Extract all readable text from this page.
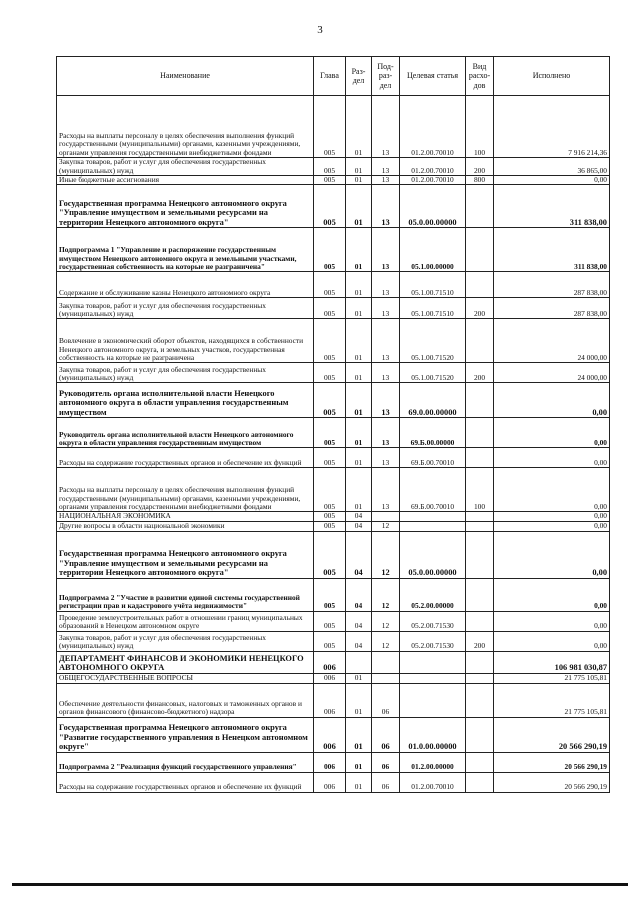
3
Наименование	Глава	Раз-дел	Под-раз-дел	Целевая статья	Вид расхо-дов	Исполнено
Расходы на выплаты персоналу в целях обеспечения выполнения функций государственными (муниципальными) органами, казенными учреждениями, органами управления государственными внебюджетными фондами	005	01	13	01.2.00.70010	100	7 916 214,36
Закупка товаров, работ и услуг для обеспечения государственных (муниципальных) нужд	005	01	13	01.2.00.70010	200	36 865,00
Иные бюджетные ассигнования	005	01	13	01.2.00.70010	800	0,00
Государственная программа Ненецкого автономного округа "Управление имуществом и земельными ресурсами на территории Ненецкого автономного округа"	005	01	13	05.0.00.00000		311 838,00
Подпрограмма 1 "Управление и распоряжение государственным имуществом Ненецкого автономного округа и земельными участками, государственная собственность на которые не разграничена"	005	01	13	05.1.00.00000		311 838,00
Содержание и обслуживание казны Ненецкого автономного округа	005	01	13	05.1.00.71510		287 838,00
Закупка товаров, работ и услуг для обеспечения государственных (муниципальных) нужд	005	01	13	05.1.00.71510	200	287 838,00
Вовлечение в экономический оборот объектов, находящихся в собственности Ненецкого автономного округа, и земельных участков, государственная собственность на которые не разграничена	005	01	13	05.1.00.71520		24 000,00
Закупка товаров, работ и услуг для обеспечения государственных (муниципальных) нужд	005	01	13	05.1.00.71520	200	24 000,00
Руководитель органа исполнительной власти Ненецкого автономного округа в области управления государственным имуществом	005	01	13	69.0.00.00000		0,00
Руководитель органа исполнительной власти Ненецкого автономного округа в области управления государственным имуществом	005	01	13	69.Б.00.00000		0,00
Расходы на содержание государственных органов и обеспечение их функций	005	01	13	69.Б.00.70010		0,00
Расходы на выплаты персоналу в целях обеспечения выполнения функций государственными (муниципальными) органами, казенными учреждениями, органами управления государственными внебюджетными фондами	005	01	13	69.Б.00.70010	100	0,00
НАЦИОНАЛЬНАЯ ЭКОНОМИКА	005	04				0,00
Другие вопросы в области национальной экономики	005	04	12			0,00
Государственная программа Ненецкого автономного округа "Управление имуществом и земельными ресурсами на территории Ненецкого автономного округа"	005	04	12	05.0.00.00000		0,00
Подпрограмма 2 "Участие в развитии единой системы государственной регистрации прав и кадастрового учёта недвижимости"	005	04	12	05.2.00.00000		0,00
Проведение землеустроительных работ в отношении границ муниципальных образований в Ненецком автономном округе	005	04	12	05.2.00.71530		0,00
Закупка товаров, работ и услуг для обеспечения государственных (муниципальных) нужд	005	04	12	05.2.00.71530	200	0,00
ДЕПАРТАМЕНТ ФИНАНСОВ И ЭКОНОМИКИ НЕНЕЦКОГО АВТОНОМНОГО ОКРУГА	006					106 981 030,87
ОБЩЕГОСУДАРСТВЕННЫЕ ВОПРОСЫ	006	01				21 775 105,81
Обеспечение деятельности финансовых, налоговых и таможенных органов и органов финансового (финансово-бюджетного) надзора	006	01	06			21 775 105,81
Государственная программа Ненецкого автономного округа "Развитие государственного управления в Ненецком автономном округе"	006	01	06	01.0.00.00000		20 566 290,19
Подпрограмма 2 "Реализация функций государственного управления"	006	01	06	01.2.00.00000		20 566 290,19
Расходы на содержание государственных органов и обеспечение их функций	006	01	06	01.2.00.70010		20 566 290,19
